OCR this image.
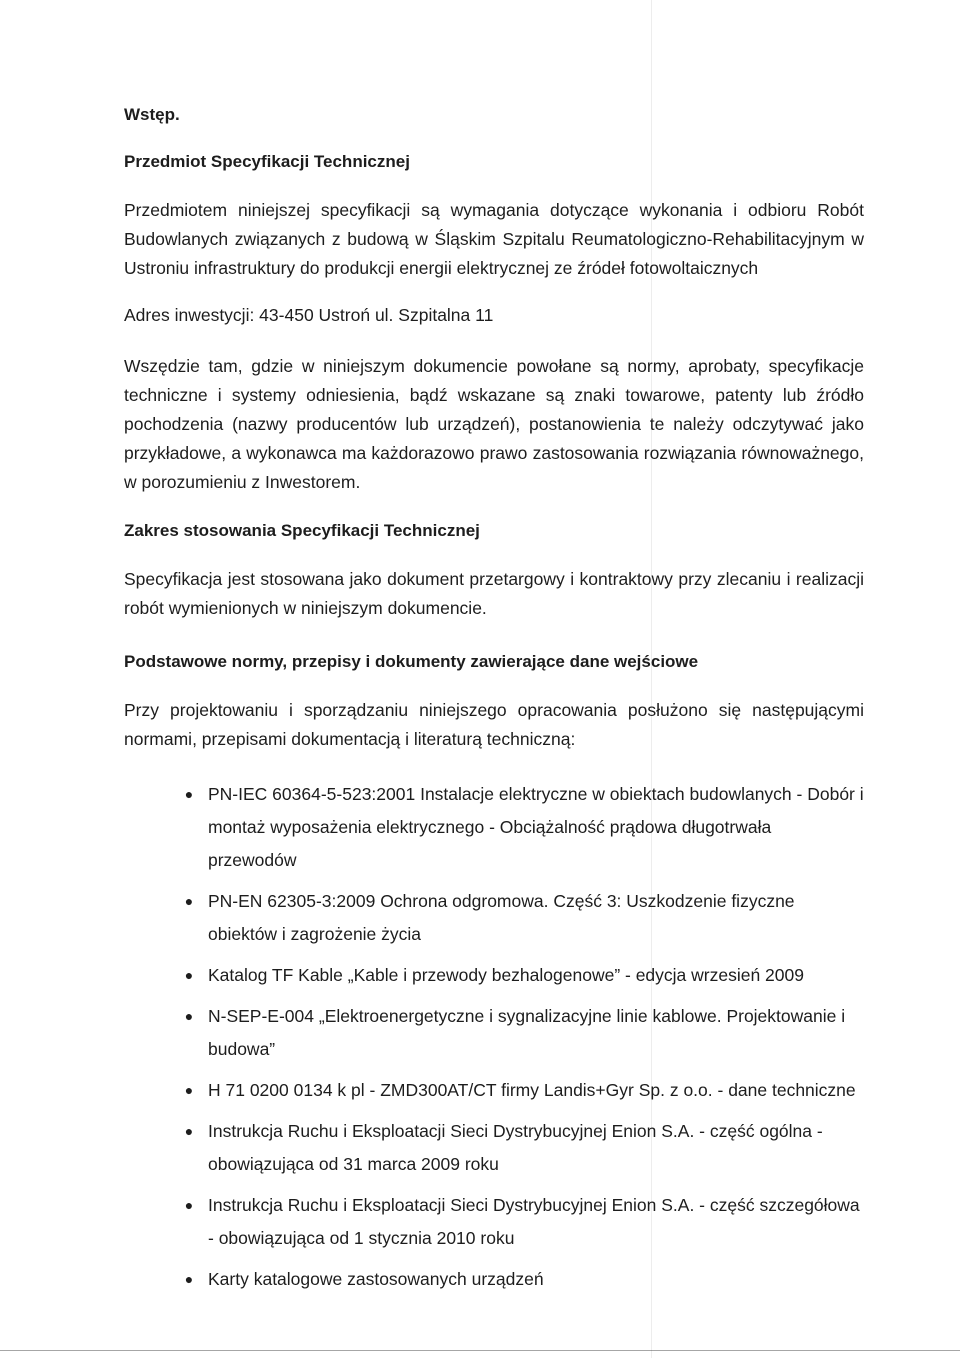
Wstęp.
Przedmiot Specyfikacji Technicznej

Przedmiotem niniejszej specyfikacji są wymagania dotyczące wykonania i odbioru Robót Budowlanych związanych z budową w Śląskim Szpitalu Reumatologiczno-Rehabilitacyjnym w Ustroniu infrastruktury do produkcji energii elektrycznej ze źródeł fotowoltaicznych

Adres inwestycji: 43-450 Ustroń ul. Szpitalna 11

Wszędzie tam, gdzie w niniejszym dokumencie powołane są normy, aprobaty, specyfikacje techniczne i systemy odniesienia, bądź wskazane są znaki towarowe, patenty lub źródło pochodzenia (nazwy producentów lub urządzeń), postanowienia te należy odczytywać jako przykładowe, a wykonawca ma każdorazowo prawo zastosowania rozwiązania równoważnego, w porozumieniu z Inwestorem.

Zakres stosowania Specyfikacji Technicznej

Specyfikacja jest stosowana jako dokument przetargowy i kontraktowy przy zlecaniu i realizacji robót wymienionych w niniejszym dokumencie.

Podstawowe normy, przepisy i dokumenty zawierające dane wejściowe

Przy projektowaniu i sporządzaniu niniejszego opracowania posłużono się następującymi normami, przepisami dokumentacją i literaturą techniczną:

● PN-IEC 60364-5-523:2001 Instalacje elektryczne w obiektach budowlanych - Dobór i montaż wyposażenia elektrycznego - Obciążalność prądowa długotrwała przewodów
● PN-EN 62305-3:2009 Ochrona odgromowa. Część 3: Uszkodzenie fizyczne obiektów i zagrożenie życia
● Katalog TF Kable „Kable i przewody bezhalogenowe” - edycja wrzesień 2009
● N-SEP-E-004 „Elektroenergetyczne i sygnalizacyjne linie kablowe. Projektowanie i budowa”
● H 71 0200 0134 k pl - ZMD300AT/CT firmy Landis+Gyr Sp. z o.o. - dane techniczne
● Instrukcja Ruchu i Eksploatacji Sieci Dystrybucyjnej Enion S.A. - część ogólna - obowiązująca od 31 marca 2009 roku
● Instrukcja Ruchu i Eksploatacji Sieci Dystrybucyjnej Enion S.A. - część szczegółowa - obowiązująca od 1 stycznia 2010 roku
● Karty katalogowe zastosowanych urządzeń
